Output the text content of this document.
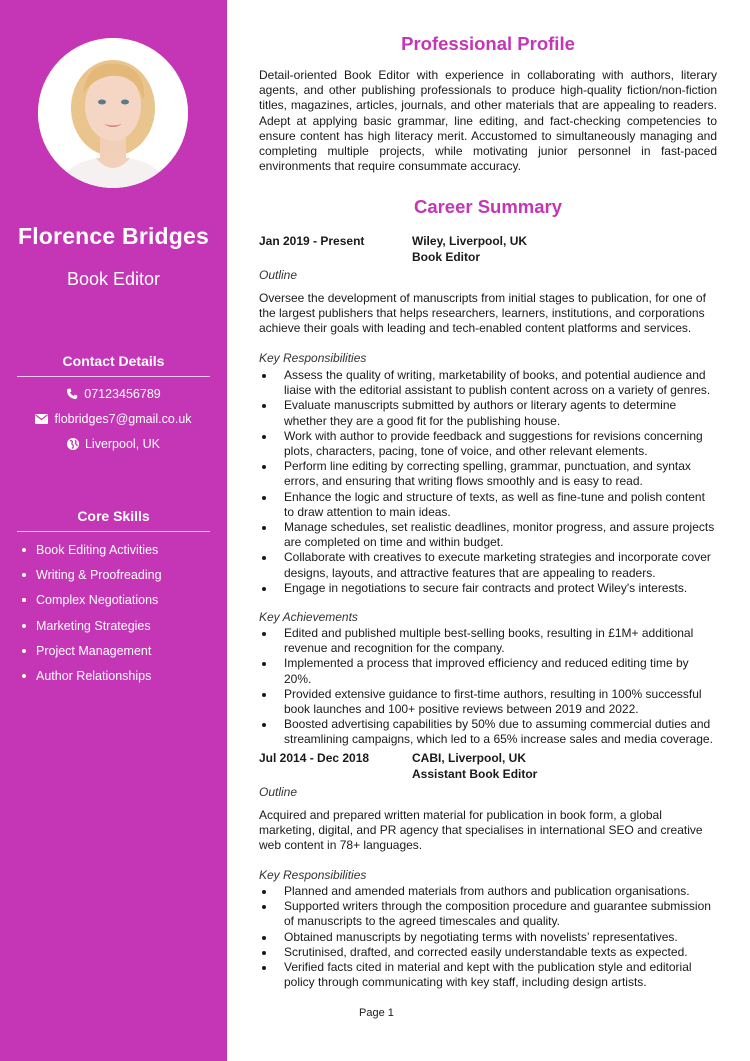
Florence Bridges
Book Editor
Contact Details
07123456789
flobridges7@gmail.co.uk
Liverpool, UK
Core Skills
Book Editing Activities
Writing & Proofreading
Complex Negotiations
Marketing Strategies
Project Management
Author Relationships
Professional Profile

Detail-oriented Book Editor with experience in collaborating with authors, literary agents, and other publishing professionals to produce high-quality fiction/non-fiction titles, magazines, articles, journals, and other materials that are appealing to readers. Adept at applying basic grammar, line editing, and fact-checking competencies to ensure content has high literacy merit. Accustomed to simultaneously managing and completing multiple projects, while motivating junior personnel in fast-paced environments that require consummate accuracy.

Career Summary
Jan 2019 - Present	Wiley, Liverpool, UK
Book Editor
Outline

Oversee the development of manuscripts from initial stages to publication, for one of the largest publishers that helps researchers, learners, institutions, and corporations achieve their goals with leading and tech-enabled content platforms and services.

Key Responsibilities
Assess the quality of writing, marketability of books, and potential audience and liaise with the editorial assistant to publish content across on a variety of genres.
Evaluate manuscripts submitted by authors or literary agents to determine whether they are a good fit for the publishing house.
Work with author to provide feedback and suggestions for revisions concerning plots, characters, pacing, tone of voice, and other relevant elements.
Perform line editing by correcting spelling, grammar, punctuation, and syntax errors, and ensuring that writing flows smoothly and is easy to read.
Enhance the logic and structure of texts, as well as fine-tune and polish content to draw attention to main ideas.
Manage schedules, set realistic deadlines, monitor progress, and assure projects are completed on time and within budget.
Collaborate with creatives to execute marketing strategies and incorporate cover designs, layouts, and attractive features that are appealing to readers.
Engage in negotiations to secure fair contracts and protect Wiley's interests.
Key Achievements
Edited and published multiple best-selling books, resulting in £1M+ additional revenue and recognition for the company.
Implemented a process that improved efficiency and reduced editing time by 20%.
Provided extensive guidance to first-time authors, resulting in 100% successful book launches and 100+ positive reviews between 2019 and 2022.
Boosted advertising capabilities by 50% due to assuming commercial duties and streamlining campaigns, which led to a 65% increase sales and media coverage.
Jul 2014 - Dec 2018	CABI, Liverpool, UK
Assistant Book Editor
Outline

Acquired and prepared written material for publication in book form, a global marketing, digital, and PR agency that specialises in international SEO and creative web content in 78+ languages.

Key Responsibilities
Planned and amended materials from authors and publication organisations.
Supported writers through the composition procedure and guarantee submission of manuscripts to the agreed timescales and quality.
Obtained manuscripts by negotiating terms with novelists’ representatives.
Scrutinised, drafted, and corrected easily understandable texts as expected.
Verified facts cited in material and kept with the publication style and editorial policy through communicating with key staff, including design artists.
Page 1
